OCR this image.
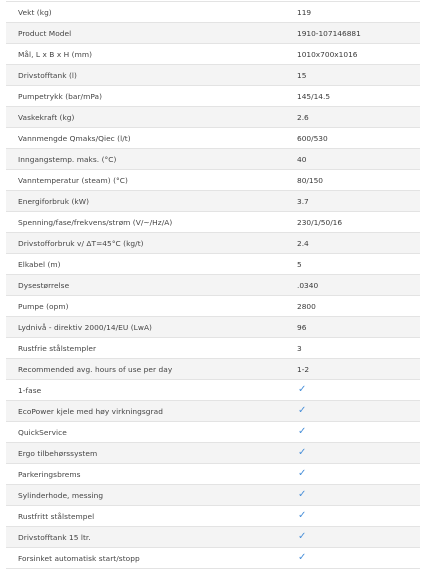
Vekt (kg)	119
Product Model	1910-107146881
Mål, L x B x H (mm)	1010x700x1016
Drivstofftank (l)	15
Pumpetrykk (bar/mPa)	145/14.5
Vaskekraft (kg)	2.6
Vannmengde Qmaks/Qiec (l/t)	600/530
Inngangstemp. maks. (°C)	40
Vanntemperatur (steam) (°C)	80/150
Energiforbruk (kW)	3.7
Spenning/fase/frekvens/strøm (V/~/Hz/A)	230/1/50/16
Drivstofforbruk v/ ΔT=45°C (kg/t)	2.4
Elkabel (m)	5
Dysestørrelse	.0340
Pumpe (opm)	2800
Lydnivå - direktiv 2000/14/EU (LwA)	96
Rustfrie stålstempler	3
Recommended avg. hours of use per day	1-2
1-fase	✓
EcoPower kjele med høy virkningsgrad	✓
QuickService	✓
Ergo tilbehørssystem	✓
Parkeringsbrems	✓
Sylinderhode, messing	✓
Rustfritt stålstempel	✓
Drivstofftank 15 ltr.	✓
Forsinket automatisk start/stopp	✓
